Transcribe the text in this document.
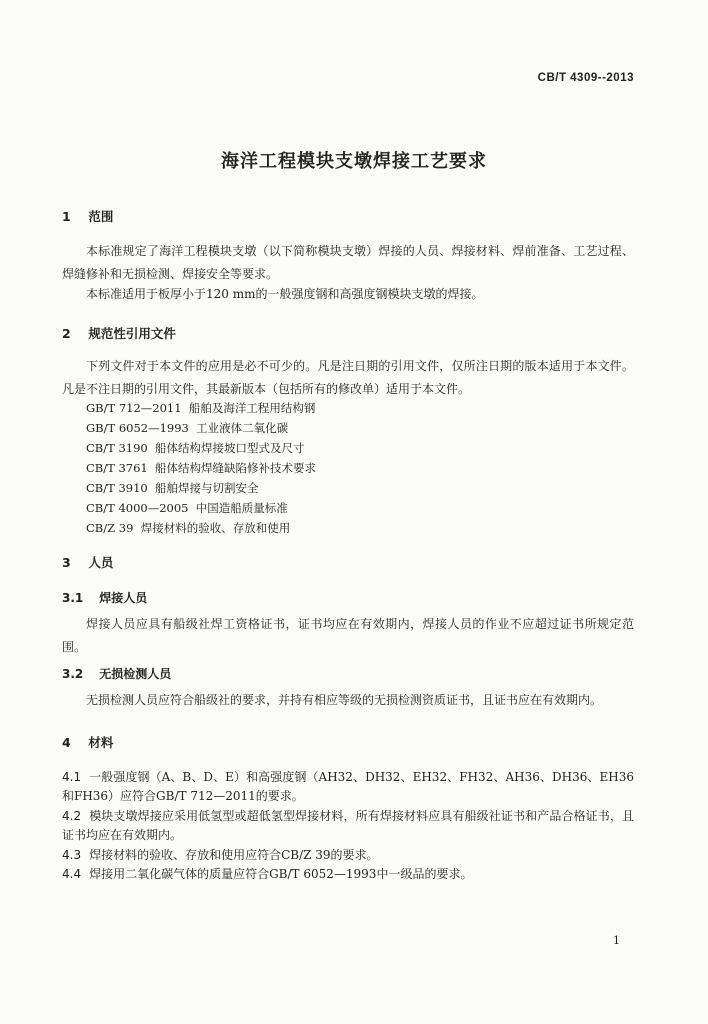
CB/T 4309--2013
海洋工程模块支墩焊接工艺要求
1 范围
本标准规定了海洋工程模块支墩（以下简称模块支墩）焊接的人员、焊接材料、焊前准备、工艺过程、焊缝修补和无损检测、焊接安全等要求。
本标准适用于板厚小于120 mm的一般强度钢和高强度钢模块支墩的焊接。
2 规范性引用文件
下列文件对于本文件的应用是必不可少的。凡是注日期的引用文件，仅所注日期的版本适用于本文件。凡是不注日期的引用文件，其最新版本（包括所有的修改单）适用于本文件。
GB/T 712—2011  船舶及海洋工程用结构钢
GB/T 6052—1993  工业液体二氧化碳
CB/T 3190  船体结构焊接坡口型式及尺寸
CB/T 3761  船体结构焊缝缺陷修补技术要求
CB/T 3910  船舶焊接与切割安全
CB/T 4000—2005  中国造船质量标准
CB/Z 39  焊接材料的验收、存放和使用
3 人员
3.1 焊接人员
焊接人员应具有船级社焊工资格证书，证书均应在有效期内，焊接人员的作业不应超过证书所规定范围。
3.2 无损检测人员
无损检测人员应符合船级社的要求，并持有相应等级的无损检测资质证书，且证书应在有效期内。
4 材料
4.1 一般强度钢（A、B、D、E）和高强度钢（AH32、DH32、EH32、FH32、AH36、DH36、EH36和FH36）应符合GB/T 712—2011的要求。
4.2 模块支墩焊接应采用低氢型或超低氢型焊接材料，所有焊接材料应具有船级社证书和产品合格证书，且证书均应在有效期内。
4.3 焊接材料的验收、存放和使用应符合CB/Z 39的要求。
4.4 焊接用二氧化碳气体的质量应符合GB/T 6052—1993中一级品的要求。
1
